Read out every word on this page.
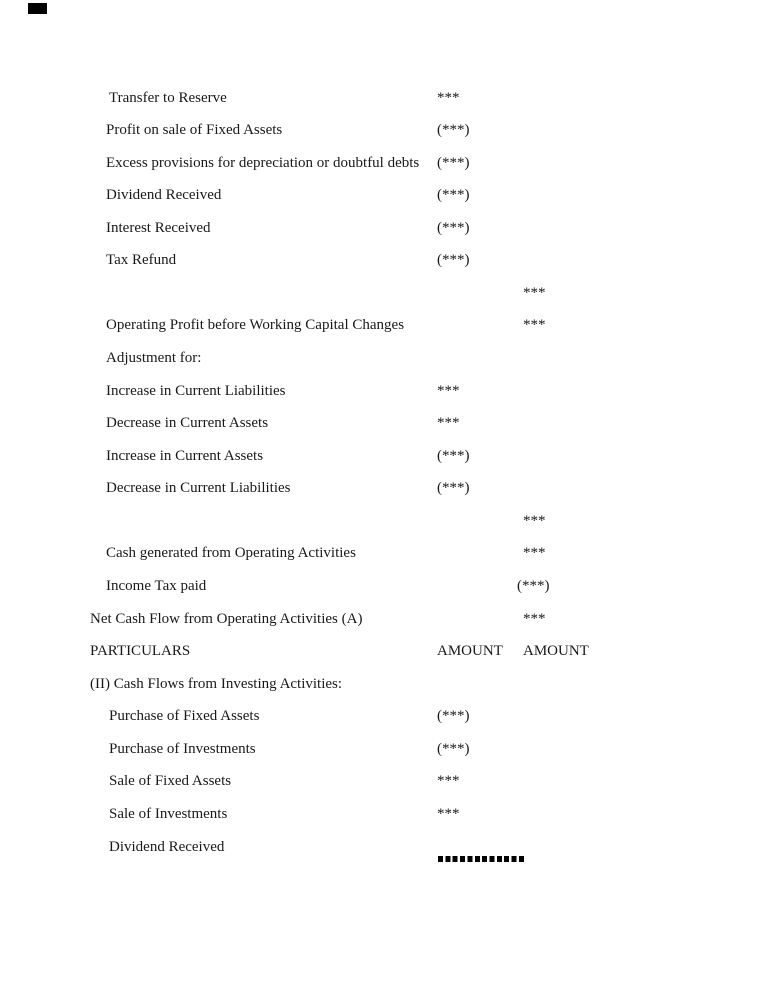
Transfer to Reserve	***
Profit on sale of Fixed Assets	(***)
Excess provisions for depreciation or doubtful debts (***)
Dividend Received	(***)
Interest Received	(***)
Tax Refund	(***)
***
Operating Profit before Working Capital Changes	***
Adjustment for:
Increase in Current Liabilities	***
Decrease in Current Assets	***
Increase in Current Assets	(***)
Decrease in Current Liabilities	(***)
***
Cash generated from Operating Activities	***
Income Tax paid	(***)
Net Cash Flow from Operating Activities (A)	***
PARTICULARS	AMOUNT	AMOUNT
(II) Cash Flows from Investing Activities:
Purchase of Fixed Assets	(***)
Purchase of Investments	(***)
Sale of Fixed Assets	***
Sale of Investments	***
Dividend Received
